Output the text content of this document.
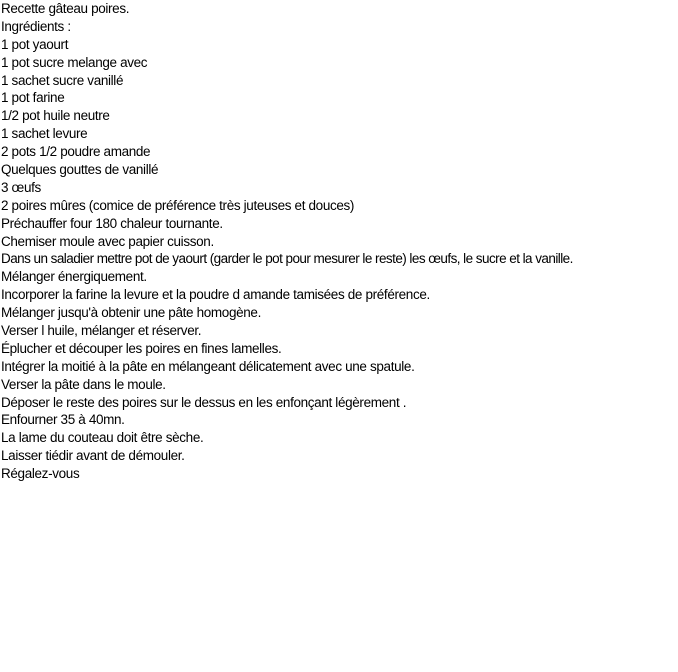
Recette gâteau poires.
Ingrédients :
1 pot yaourt
1 pot sucre melange avec
1 sachet sucre vanillé
1 pot farine
1/2 pot huile neutre
1 sachet levure
2 pots 1/2 poudre amande
Quelques gouttes de vanillé
3 œufs
2 poires mûres (comice de préférence très juteuses et douces)
Préchauffer four 180 chaleur tournante.
Chemiser moule avec papier cuisson.
Dans un saladier mettre pot de yaourt (garder le pot pour mesurer le reste) les œufs, le sucre et la vanille.
Mélanger énergiquement.
Incorporer la farine la levure et la poudre d amande tamisées de préférence.
Mélanger jusqu'à obtenir une pâte homogène.
Verser l huile, mélanger et réserver.
Éplucher et découper les poires en fines lamelles.
Intégrer la moitié à la pâte en mélangeant délicatement avec une spatule.
Verser la pâte dans le moule.
Déposer le reste des poires sur le dessus en les enfonçant légèrement .
Enfourner 35 à 40mn.
La lame du couteau doit être sèche.
Laisser tiédir avant de démouler.
Régalez-vous
